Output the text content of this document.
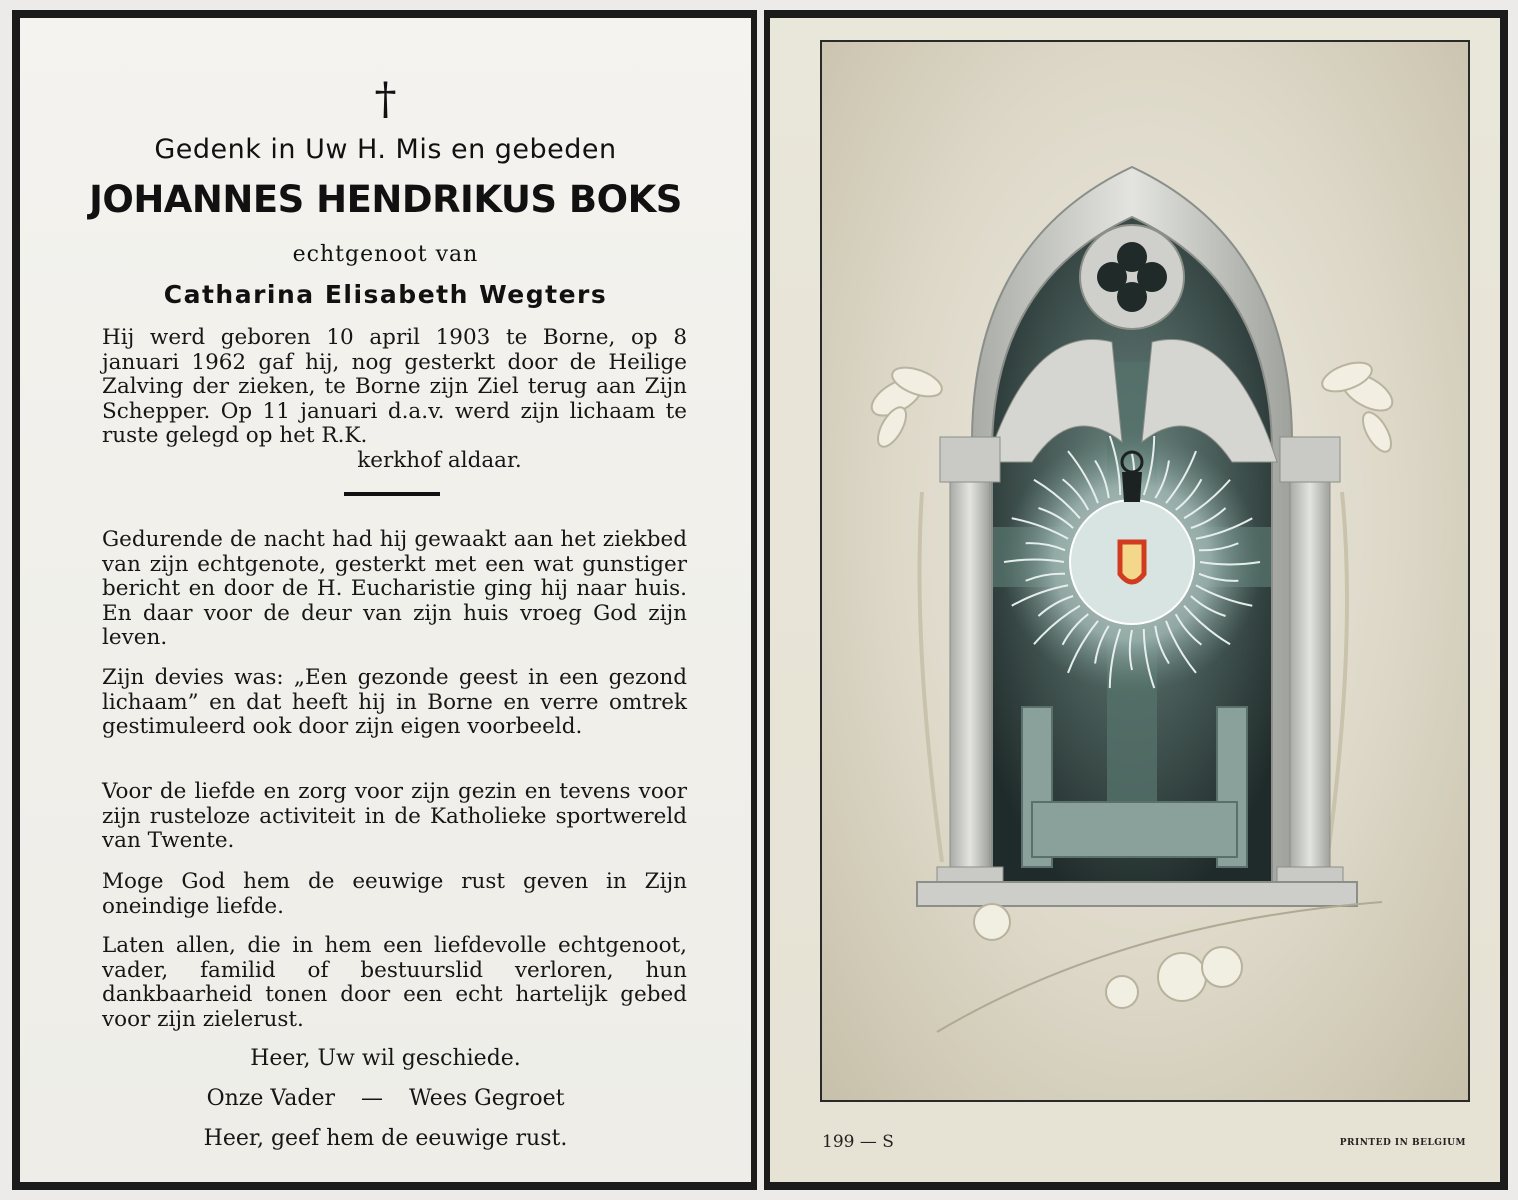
†
Gedenk in Uw H. Mis en gebeden
JOHANNES HENDRIKUS BOKS
echtgenoot van
Catharina Elisabeth Wegters
Hij werd geboren 10 april 1903 te Borne, op 8 januari 1962 gaf hij, nog gesterkt door de Heilige Zalving der zieken, te Borne zijn Ziel terug aan Zijn Schepper. Op 11 januari d.a.v. werd zijn lichaam te ruste gelegd op het R.K.
kerkhof aldaar.
Gedurende de nacht had hij gewaakt aan het ziekbed van zijn echtgenote, gesterkt met een wat gunstiger bericht en door de H. Eucharistie ging hij naar huis. En daar voor de deur van zijn huis vroeg God zijn leven.
Zijn devies was: „Een gezonde geest in een gezond lichaam” en dat heeft hij in Borne en verre omtrek gestimuleerd ook door zijn eigen voorbeeld.
Voor de liefde en zorg voor zijn gezin en tevens voor zijn rusteloze activiteit in de Katholieke sportwereld van Twente.
Moge God hem de eeuwige rust geven in Zijn oneindige liefde.
Laten allen, die in hem een liefdevolle echtgenoot, vader, familid of bestuurslid verloren, hun dankbaarheid tonen door een echt hartelijk gebed voor zijn zielerust.
Heer, Uw wil geschiede.
Onze Vader — Wees Gegroet
Heer, geef hem de eeuwige rust.	199 — S	PRINTED IN BELGIUM
